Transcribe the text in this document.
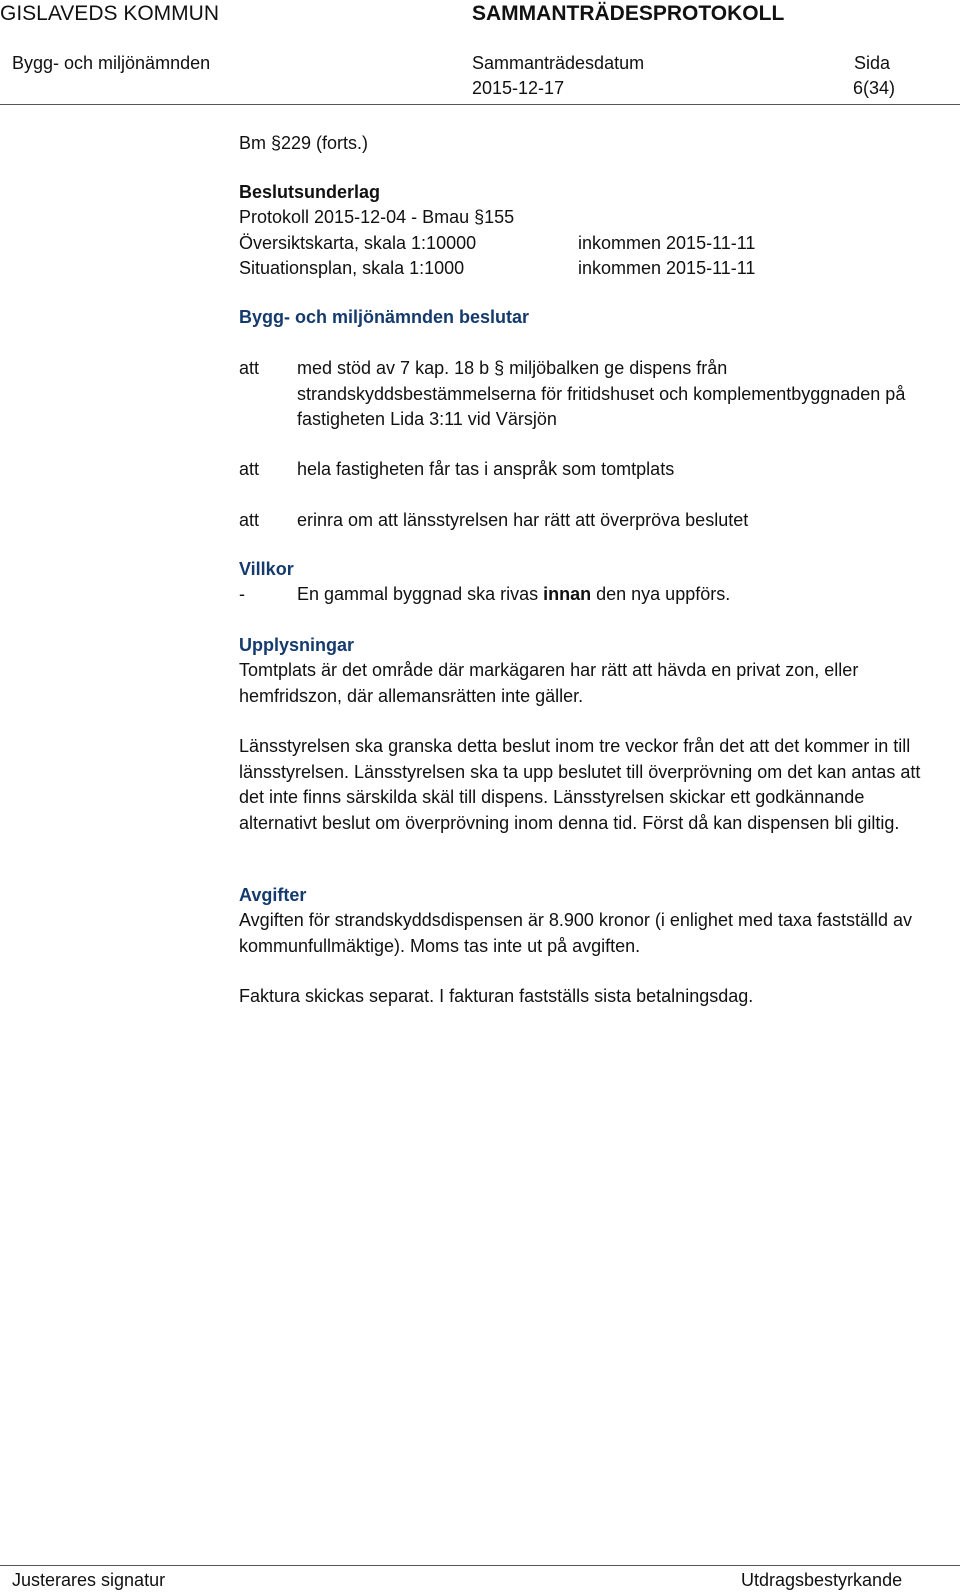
GISLAVEDS KOMMUN	SAMMANTRÄDESPROTOKOLL
Bygg- och miljönämnden	Sammanträdesdatum
2015-12-17
Sida
6(34)
Bm §229 (forts.)
Beslutsunderlag
Protokoll 2015-12-04 - Bmau §155
Översiktskarta, skala 1:10000	inkommen 2015-11-11
Situationsplan, skala 1:1000	inkommen 2015-11-11
Bygg- och miljönämnden beslutar
att med stöd av 7 kap. 18 b § miljöbalken ge dispens från strandskyddsbestämmelserna för fritidshuset och komplementbyggnaden på fastigheten Lida 3:11 vid Värsjön
att hela fastigheten får tas i anspråk som tomtplats
att erinra om att länsstyrelsen har rätt att överpröva beslutet
Villkor
-	En gammal byggnad ska rivas innan den nya uppförs.
Upplysningar
Tomtplats är det område där markägaren har rätt att hävda en privat zon, eller hemfridszon, där allemansrätten inte gäller.
Länsstyrelsen ska granska detta beslut inom tre veckor från det att det kommer in till länsstyrelsen. Länsstyrelsen ska ta upp beslutet till överprövning om det kan antas att det inte finns särskilda skäl till dispens. Länsstyrelsen skickar ett godkännande alternativt beslut om överprövning inom denna tid. Först då kan dispensen bli giltig.
Avgifter
Avgiften för strandskyddsdispensen är 8.900 kronor (i enlighet med taxa fastställd av kommunfullmäktige). Moms tas inte ut på avgiften.
Faktura skickas separat. I fakturan fastställs sista betalningsdag.
Justerares signatur	Utdragsbestyrkande
